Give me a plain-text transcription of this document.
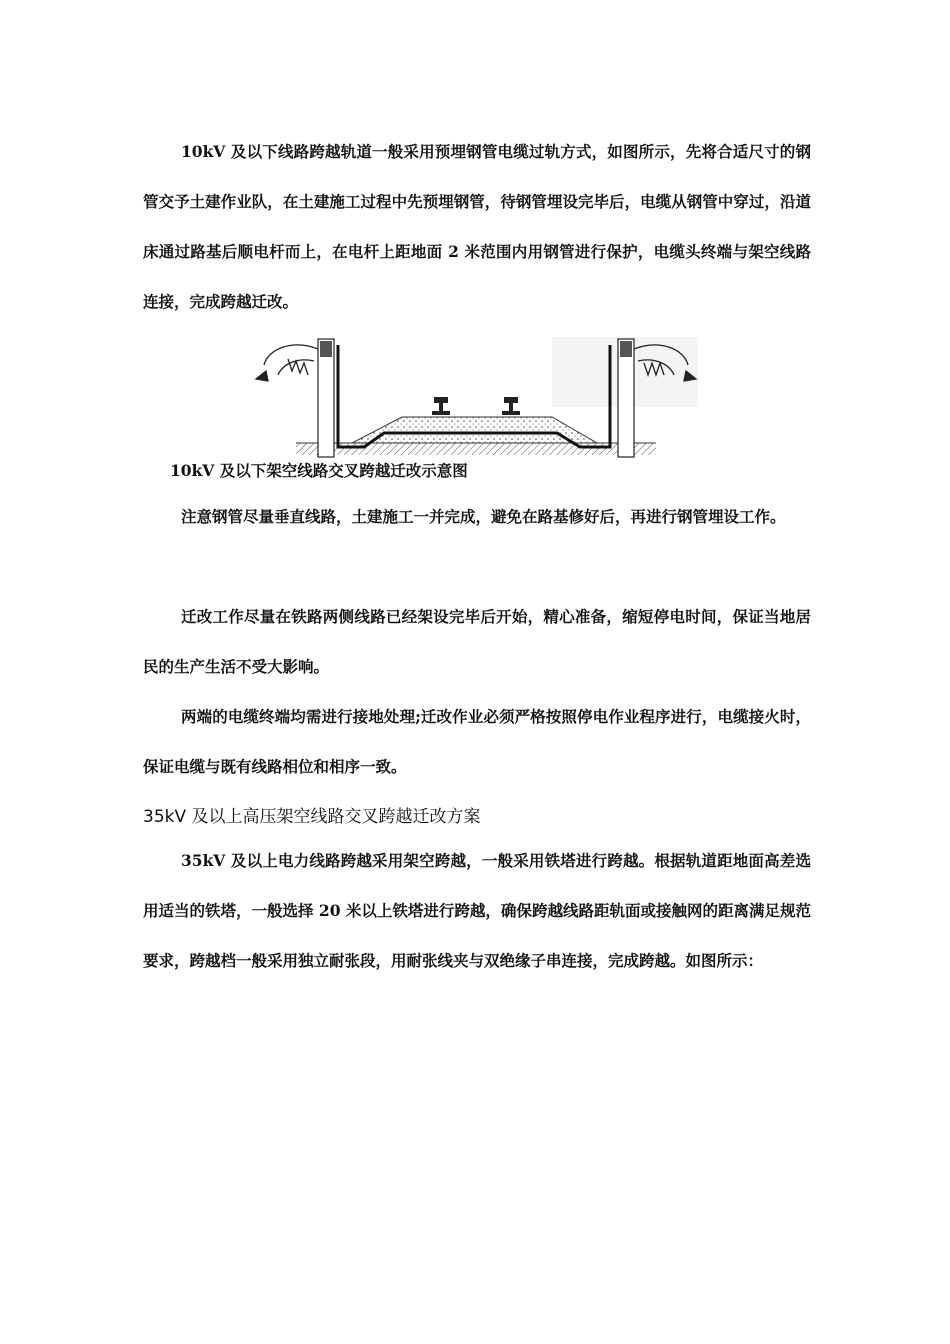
10kV 及以下线路跨越轨道一般采用预埋钢管电缆过轨方式，如图所示，先将合适尺寸的钢管交予土建作业队，在土建施工过程中先预埋钢管，待钢管埋设完毕后，电缆从钢管中穿过，沿道床通过路基后顺电杆而上，在电杆上距地面 2 米范围内用钢管进行保护，电缆头终端与架空线路连接，完成跨越迁改。

10kV 及以下架空线路交叉跨越迁改示意图

注意钢管尽量垂直线路，土建施工一并完成，避免在路基修好后，再进行钢管埋设工作。

迁改工作尽量在铁路两侧线路已经架设完毕后开始，精心准备，缩短停电时间，保证当地居民的生产生活不受大影响。

两端的电缆终端均需进行接地处理;迁改作业必须严格按照停电作业程序进行，电缆接火时，保证电缆与既有线路相位和相序一致。

35kV 及以上高压架空线路交叉跨越迁改方案

35kV 及以上电力线路跨越采用架空跨越，一般采用铁塔进行跨越。根据轨道距地面高差选用适当的铁塔，一般选择 20 米以上铁塔进行跨越，确保跨越线路距轨面或接触网的距离满足规范要求，跨越档一般采用独立耐张段，用耐张线夹与双绝缘子串连接，完成跨越。如图所示：
